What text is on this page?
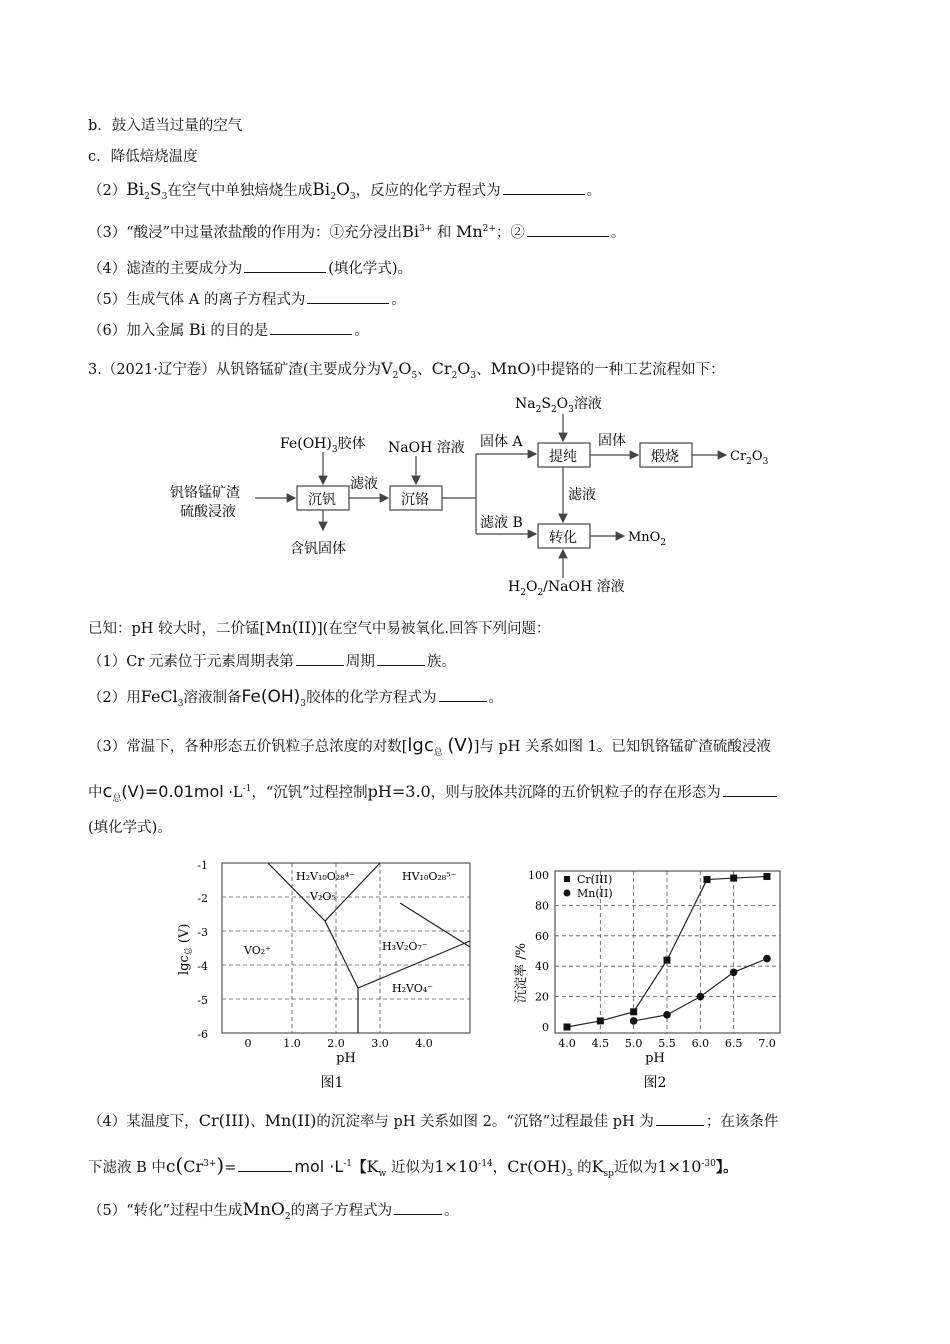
b．鼓入适当过量的空气
c．降低焙烧温度
$(2)Bi_2S_3$在空气中单独焙烧生成$Bi_2O_3$，反应的化学方程式为	。
（3）“酸浸”中过量浓盐酸的作用为：①充分浸出$Bi^{3+}$ 和 $Mn^{2+}$；②	。
（4）滤渣的主要成分为	(填化学式)。
（5）生成气体 A 的离子方程式为	。
（6）加入金属 Bi 的目的是	。
3.（2021·辽宁卷）从钒铬锰矿渣(主要成分为$V_2O_5$、$Cr_2O_3$、MnO)中提铬的一种工艺流程如下：
钒铬锰矿渣
硫酸浸液
沉钒
$Fe(OH)_3$胶体
含钒固体
滤液
沉铬
NaOH 溶液 固体 A
滤液 B
$Na_2S_2O_3$溶液
提纯
固体
煅烧	$Cr_2O_3$
滤液
转化	MnO$_2$
$H_2O_2$/NaOH 溶液
已知：pH 较大时，二价锰[Mn(II)](在空气中易被氧化.回答下列问题：
（1）Cr 元素位于元素周期表第	周期	族。
（2）用FeCl$_3$溶液制备$Fe(OH)_3$胶体的化学方程式为	。
（3）常温下，各种形态五价钒粒子总浓度的对数[lgc$_总$ (V)]与 pH 关系如图 1。已知钒铬锰矿渣硫酸浸液
中$c_总(V)=0.01mol \cdot L^{-1}$，“沉钒”过程控制pH=3.0，则与胶体共沉降的五价钒粒子的存在形态为
(填化学式)。
-1
-2
-3
-4
-5
-6
H₂V₁₀O₂₈⁴⁻
V₂O₅
HV₁₀O₂₈⁵⁻
VO₂⁺	H₃V₂O₇⁻
H₂VO₄⁻
0	1.0 2.0 3.0 4.0
pH
lgc$_总$ (V)
图1
pH
沉淀率 /%
图2
Cr(III)
Mn(II)
4.0 4.5 5.0 5.5 6.0 6.5 7.0
0
20
40
60
80
100
（4）某温度下，Cr(III)、Mn(II)的沉淀率与 pH 关系如图 2。“沉铬”过程最佳 pH 为	；在该条件
下滤液 B 中$c(Cr^{3+})=$	mol $\cdot L^{-1}$【$K_w$ 近似为$1\times 10^{-14}$，$Cr(OH)_3$ 的$K_{sp}$近似为$1\times 10^{-30}$】。
（5）“转化”过程中生成MnO$_2$的离子方程式为	。
